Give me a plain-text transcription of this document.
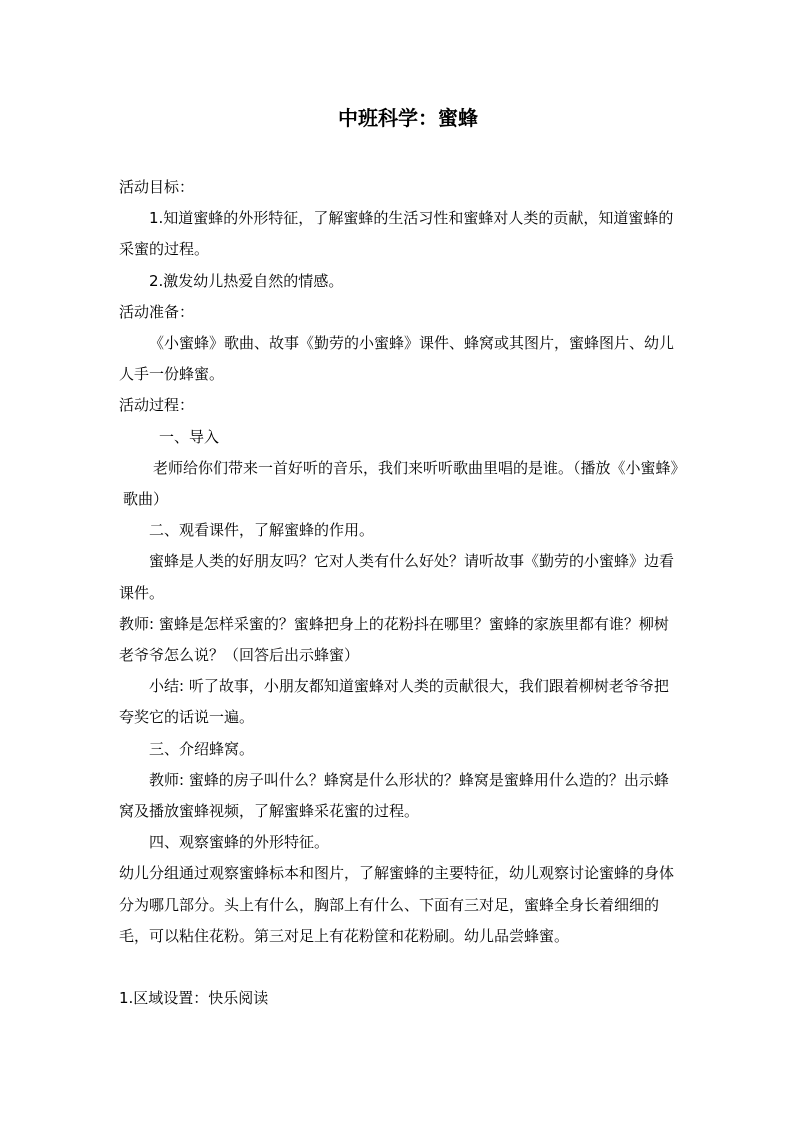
中班科学：蜜蜂

活动目标：

1.知道蜜蜂的外形特征，了解蜜蜂的生活习性和蜜蜂对人类的贡献，知道蜜蜂的采蜜的过程。

2.激发幼儿热爱自然的情感。

活动准备：

《小蜜蜂》歌曲、故事《勤劳的小蜜蜂》课件、蜂窝或其图片，蜜蜂图片、幼儿人手一份蜂蜜。

活动过程：

一、导入

老师给你们带来一首好听的音乐，我们来听听歌曲里唱的是谁。（播放《小蜜蜂》歌曲）

二、观看课件，了解蜜蜂的作用。

蜜蜂是人类的好朋友吗？它对人类有什么好处？请听故事《勤劳的小蜜蜂》边看课件。

教师: 蜜蜂是怎样采蜜的？蜜蜂把身上的花粉抖在哪里？蜜蜂的家族里都有谁？柳树老爷爷怎么说？（回答后出示蜂蜜）

小结: 听了故事，小朋友都知道蜜蜂对人类的贡献很大，我们跟着柳树老爷爷把夸奖它的话说一遍。

三、介绍蜂窝。

教师: 蜜蜂的房子叫什么？蜂窝是什么形状的？蜂窝是蜜蜂用什么造的？出示蜂窝及播放蜜蜂视频，了解蜜蜂采花蜜的过程。

四、观察蜜蜂的外形特征。

幼儿分组通过观察蜜蜂标本和图片，了解蜜蜂的主要特征，幼儿观察讨论蜜蜂的身体分为哪几部分。头上有什么，胸部上有什么、下面有三对足，蜜蜂全身长着细细的毛，可以粘住花粉。第三对足上有花粉筐和花粉刷。幼儿品尝蜂蜜。

1.区域设置：快乐阅读
